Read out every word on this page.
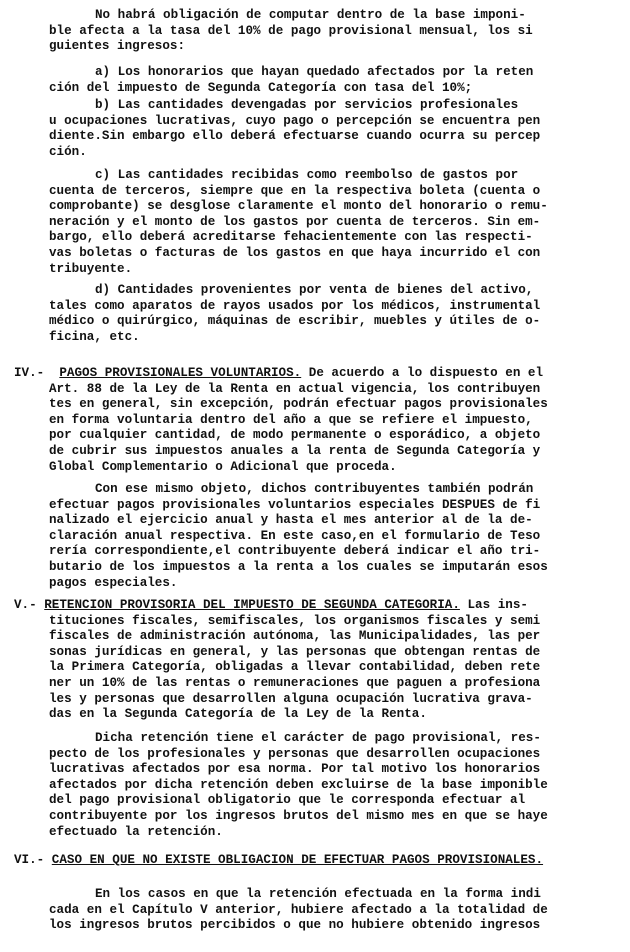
No habrá obligación de computar dentro de la base imponi-
ble afecta a la tasa del 10% de pago provisional mensual, los si
guientes ingresos:
a) Los honorarios que hayan quedado afectados por la reten
ción del impuesto de Segunda Categoría con tasa del 10%;
b) Las cantidades devengadas por servicios profesionales
u ocupaciones lucrativas, cuyo pago o percepción se encuentra pen
diente.Sin embargo ello deberá efectuarse cuando ocurra su percep
ción.
c) Las cantidades recibidas como reembolso de gastos por
cuenta de terceros, siempre que en la respectiva boleta (cuenta o
comprobante) se desglose claramente el monto del honorario o remu-
neración y el monto de los gastos por cuenta de terceros. Sin em-
bargo, ello deberá acreditarse fehacientemente con las respecti-
vas boletas o facturas de los gastos en que haya incurrido el con
tribuyente.
d) Cantidades provenientes por venta de bienes del activo,
tales como aparatos de rayos usados por los médicos, instrumental
médico o quirúrgico, máquinas de escribir, muebles y útiles de o-
ficina, etc.
IV.- PAGOS PROVISIONALES VOLUNTARIOS. De acuerdo a lo dispuesto en el
Art. 88 de la Ley de la Renta en actual vigencia, los contribuyen
tes en general, sin excepción, podrán efectuar pagos provisionales
en forma voluntaria dentro del año a que se refiere el impuesto,
por cualquier cantidad, de modo permanente o esporádico, a objeto
de cubrir sus impuestos anuales a la renta de Segunda Categoría y
Global Complementario o Adicional que proceda.
Con ese mismo objeto, dichos contribuyentes también podrán
efectuar pagos provisionales voluntarios especiales DESPUES de fi
nalizado el ejercicio anual y hasta el mes anterior al de la de-
claración anual respectiva. En este caso,en el formulario de Teso
rería correspondiente,el contribuyente deberá indicar el año tri-
butario de los impuestos a la renta a los cuales se imputarán esos
pagos especiales.
V.- RETENCION PROVISORIA DEL IMPUESTO DE SEGUNDA CATEGORIA. Las ins-
tituciones fiscales, semifiscales, los organismos fiscales y semi
fiscales de administración autónoma, las Municipalidades, las per
sonas jurídicas en general, y las personas que obtengan rentas de
la Primera Categoría, obligadas a llevar contabilidad, deben rete
ner un 10% de las rentas o remuneraciones que paguen a profesiona
les y personas que desarrollen alguna ocupación lucrativa grava-
das en la Segunda Categoría de la Ley de la Renta.
Dicha retención tiene el carácter de pago provisional, res-
pecto de los profesionales y personas que desarrollen ocupaciones
lucrativas afectados por esa norma. Por tal motivo los honorarios
afectados por dicha retención deben excluirse de la base imponible
del pago provisional obligatorio que le corresponda efectuar al
contribuyente por los ingresos brutos del mismo mes en que se haye
efectuado la retención.
VI.- CASO EN QUE NO EXISTE OBLIGACION DE EFECTUAR PAGOS PROVISIONALES.
En los casos en que la retención efectuada en la forma indi
cada en el Capítulo V anterior, hubiere afectado a la totalidad de
los ingresos brutos percibidos o que no hubiere obtenido ingresos
